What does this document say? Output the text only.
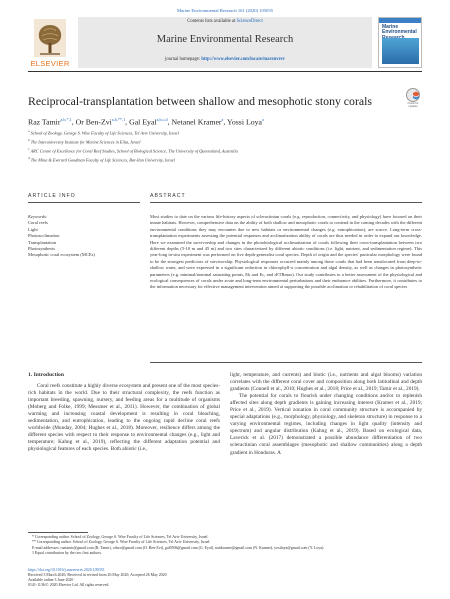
Marine Environmental Research 161 (2020) 105035
ELSEVIER
Contents lists available at ScienceDirect
Marine Environmental Research
journal homepage: http://www.elsevier.com/locate/marenvrev
Marine Environmental
Reciprocal-transplantation between shallow and mesophotic stony corals	Check for
updates
Raz Tamir$^{a,b,*,1}$, Or Ben-Zvi$^{a,b,**,1}$, Gal Eyal$^{a,b,c,d}$, Netanel Kramer$^a$, Yossi Loya$^a$
$^a$ School of Zoology, George S. Wise Faculty of Life Sciences, Tel Aviv University, Israel
$^b$ The Interuniversity Institute for Marine Sciences in Eilat, Israel
$^c$ ARC Centre of Excellence for Coral Reef Studies, School of Biological Science, The University of Queensland, Australia
$^d$ The Mina & Everard Goodman Faculty of Life Sciences, Bar-Ilan University, Israel
ARTICLE INFO	ABSTRACT
Keywords:
Coral reefs
Light
Photoacclimation
Transplantation
Photosynthesis
Mesophotic coral ecosystem (MCEs)
Most studies to date on the various life-history aspects of scleractinian corals (e.g. reproduction, connectivity, and physiology) have focused on their innate habitats. However, comprehensive data on the ability of both shallow and mesophotic corals to contend in the coming decades with the different environmental conditions they may encounter due to new habitats or environmental changes (e.g. eutrophication), are scarce. Long-term cross-transplantation experiments assessing the potential responses and acclimatization ability of corals are thus needed in order to expand our knowledge. Here we examined the survivorship and changes in the photobiological acclimatization of corals following their cross-transplantation between two different depths (5-10 m and 45 m) and two sites characterized by different abiotic conditions (i.e. light, nutrient, and sedimentation regime). This year-long in-situ experiment was performed on five depth-generalist coral species. Depth of origin and the species' particular morphology were found to be the strongest predictors of survivorship. Physiological responses occurred mainly among those corals that had been translocated from deep-to-shallow water, and were expressed in a significant reduction in chlorophyll-a concentration and algal density, as well as changes in photosynthetic parameters (e.g. minimal/nominal saturating points, Ek and Ec, and rETRmax). Our study contributes to a better assessment of the physiological and ecological consequences of corals under acute and long-term environmental perturbations and their endurance abilities. Furthermore, it contributes to the information necessary for effective management intervention aimed at supporting the possible acclimation or rehabilitation of coral species
1. Introduction

Coral reefs constitute a highly diverse ecosystem and present one of the most species-rich habitats in the world. Due to their structural complexity, the reefs function as important breeding, spawning, nursery, and feeding areas for a multitude of organisms (Moberg and Folke, 1999; Messmer et al., 2011). However, the combination of global warming and increasing coastal development is resulting in coral bleaching, sedimentation, and eutrophication, leading to the ongoing rapid decline coral reefs worldwide (Munday, 2004; Hughes et al., 2018). Moreover, resilience differs among the different species with respect to their response to environmental changes (e.g., light and temperature; Kahng et al., 2019), reflecting the different adaptation potential and physiological features of each species. Both abiotic (i.e.,

light, temperature, and currents) and biotic (i.e., nutrients and algal blooms) variation correlates with the different coral cover and composition along both latitudinal and depth gradients (Connell et al., 2010; Hughes et al., 2018; Price et al., 2019; Tamir et al., 2019).

The potential for corals to flourish under changing conditions and/or to replenish affected sites along depth gradients is gaining increasing interest (Kramer et al., 2019; Price et al., 2019). Vertical zonation in coral community structure is accompanied by special adaptations (e.g., morphology, physiology, and skeleton structure) in response to a varying environmental regimes, including changes in light quality (intensity and spectrum) and angular distribution (Kahng et al., 2019). Based on ecological data, Laverick et al. (2017) demonstrated a possible abundance differentiation of two scleractinian coral assemblages (mesophotic and shallow communities) along a depth gradient in Honduras. A

* Corresponding author. School of Zoology, George S. Wise Faculty of Life Sciences, Tel Aviv University, Israel.
** Corresponding author. School of Zoology, George S. Wise Faculty of Life Sciences, Tel Aviv University, Israel.
E-mail addresses: raztamir@gmail.com (R. Tamir), orbzv@gmail.com (O. Ben-Zvi), gal0506@gmail.com (G. Eyal), natikramer@gmail.com (N. Kramer), yosiloya@gmail.com (Y. Loya).
1 Equal contribution by the two first authors.
https://doi.org/10.1016/j.marenvres.2020.105035
Received 3 March 2020; Received in revised form 26 May 2020; Accepted 26 May 2020
Available online 3 June 2020
0141-1136/© 2020 Elsevier Ltd. All rights reserved.
